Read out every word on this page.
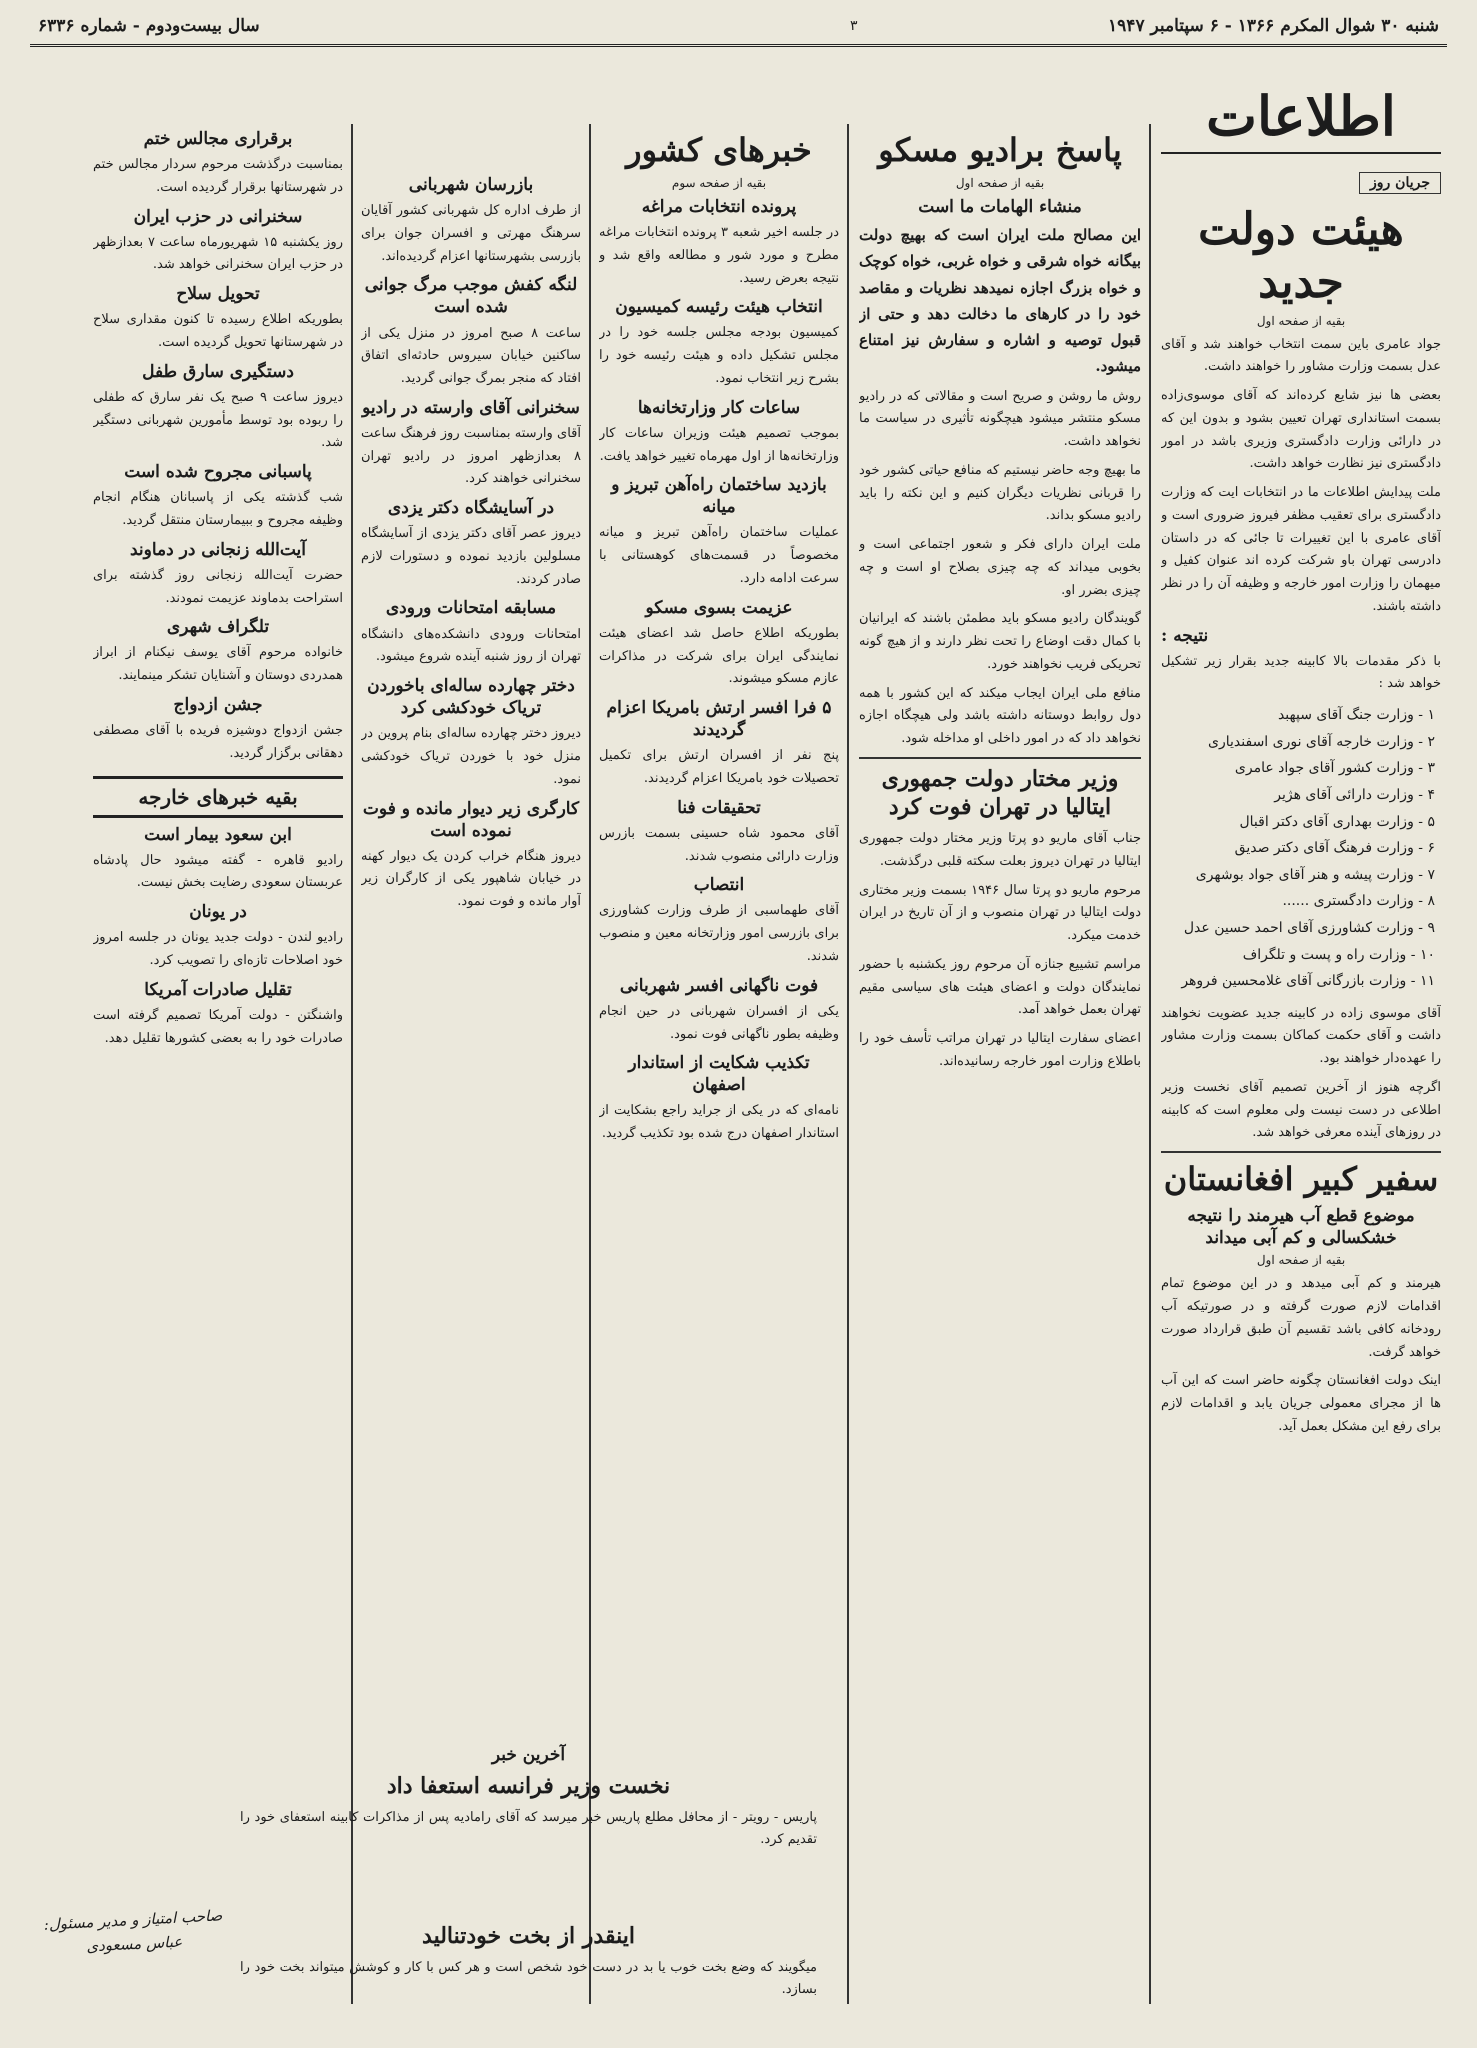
شنبه ۳۰ شوال المکرم ۱۳۶۶ - ۶ سپتامبر ۱۹۴۷
سال بیست‌ودوم - شماره ۶۳۳۶	۳
اطلاعات
جریان روز
هیئت دولت جدید
بقیه از صفحه اول

جواد عامری باین سمت انتخاب خواهند شد و آقای عدل بسمت وزارت مشاور را خواهند داشت.

بعضی ها نیز شایع کرده‌اند که آقای موسوی‌زاده بسمت استانداری تهران تعیین بشود و بدون این که در دارائی وزارت دادگستری وزیری باشد در امور دادگستری نیز نظارت خواهد داشت.

ملت پیدایش اطلاعات ما در انتخابات ایت که وزارت دادگستری برای تعقیب مظفر فیروز ضروری است و آقای عامری با این تغییرات تا جائی که در داستان دادرسی تهران باو شرکت کرده اند عنوان کفیل و میهمان را وزارت امور خارجه و وظیفه آن را در نظر داشته باشند.

نتیجه :

با ذکر مقدمات بالا کابینه جدید بقرار زیر تشکیل خواهد شد :

۱ - وزارت جنگ آقای سپهبد
۲ - وزارت خارجه آقای نوری اسفندیاری
۳ - وزارت کشور آقای جواد عامری
۴ - وزارت دارائی آقای هژیر
۵ - وزارت بهداری آقای دکتر اقبال
۶ - وزارت فرهنگ آقای دکتر صدیق
۷ - وزارت پیشه و هنر آقای جواد بوشهری
۸ - وزارت دادگستری ......
۹ - وزارت کشاورزی آقای احمد حسین عدل
۱۰ - وزارت راه و پست و تلگراف
۱۱ - وزارت بازرگانی آقای غلامحسین فروهر

آقای موسوی زاده در کابینه جدید عضویت نخواهند داشت و آقای حکمت کماکان بسمت وزارت مشاور را عهده‌دار خواهند بود.

اگرچه هنوز از آخرین تصمیم آقای نخست وزیر اطلاعی در دست نیست ولی معلوم است که کابینه در روزهای آینده معرفی خواهد شد.

سفیر کبیر افغانستان
موضوع قطع آب هیرمند را نتیجه خشکسالی و کم آبی میداند
بقیه از صفحه اول

هیرمند و کم آبی میدهد و در این موضوع تمام اقدامات لازم صورت گرفته و در صورتیکه آب رودخانه کافی باشد تقسیم آن طبق قرارداد صورت خواهد گرفت.

اینک دولت افغانستان چگونه حاضر است که این آب ها از مجرای معمولی جریان یابد و اقدامات لازم برای رفع این مشکل بعمل آید.

پاسخ برادیو مسکو
بقیه از صفحه اول
منشاء الهامات ما است

این مصالح ملت ایران است که بهیچ دولت بیگانه خواه شرقی و خواه غربی، خواه کوچک و خواه بزرگ اجازه نمیدهد نظریات و مقاصد خود را در کارهای ما دخالت دهد و حتی از قبول توصیه و اشاره و سفارش نیز امتناع میشود.

روش ما روشن و صریح است و مقالاتی که در رادیو مسکو منتشر میشود هیچگونه تأثیری در سیاست ما نخواهد داشت.

ما بهیچ وجه حاضر نیستیم که منافع حیاتی کشور خود را قربانی نظریات دیگران کنیم و این نکته را باید رادیو مسکو بداند.

ملت ایران دارای فکر و شعور اجتماعی است و بخوبی میداند که چه چیزی بصلاح او است و چه چیزی بضرر او.

گویندگان رادیو مسکو باید مطمئن باشند که ایرانیان با کمال دقت اوضاع را تحت نظر دارند و از هیچ گونه تحریکی فریب نخواهند خورد.

منافع ملی ایران ایجاب میکند که این کشور با همه دول روابط دوستانه داشته باشد ولی هیچگاه اجازه نخواهد داد که در امور داخلی او مداخله شود.

وزیر مختار دولت جمهوری ایتالیا در تهران فوت کرد

جناب آقای ماریو دو پرتا وزیر مختار دولت جمهوری ایتالیا در تهران دیروز بعلت سکته قلبی درگذشت.

مرحوم ماریو دو پرتا سال ۱۹۴۶ بسمت وزیر مختاری دولت ایتالیا در تهران منصوب و از آن تاریخ در ایران خدمت میکرد.

مراسم تشییع جنازه آن مرحوم روز یکشنبه با حضور نمایندگان دولت و اعضای هیئت های سیاسی مقیم تهران بعمل خواهد آمد.

اعضای سفارت ایتالیا در تهران مراتب تأسف خود را باطلاع وزارت امور خارجه رسانیده‌اند.

خبرهای کشور
بقیه از صفحه سوم
پرونده انتخابات مراغه

در جلسه اخیر شعبه ۳ پرونده انتخابات مراغه مطرح و مورد شور و مطالعه واقع شد و نتیجه بعرض رسید.

انتخاب هیئت رئیسه کمیسیون

کمیسیون بودجه مجلس جلسه خود را در مجلس تشکیل داده و هیئت رئیسه خود را بشرح زیر انتخاب نمود.

ساعات کار وزارتخانه‌ها

بموجب تصمیم هیئت وزیران ساعات کار وزارتخانه‌ها از اول مهرماه تغییر خواهد یافت.

بازدید ساختمان راه‌آهن تبریز و میانه

عملیات ساختمان راه‌آهن تبریز و میانه مخصوصاً در قسمت‌های کوهستانی با سرعت ادامه دارد.

عزیمت بسوی مسکو

بطوریکه اطلاع حاصل شد اعضای هیئت نمایندگی ایران برای شرکت در مذاکرات عازم مسکو میشوند.

۵ فرا افسر ارتش بامریکا اعزام گردیدند

پنج نفر از افسران ارتش برای تکمیل تحصیلات خود بامریکا اعزام گردیدند.

تحقیقات فنا

آقای محمود شاه حسینی بسمت بازرس وزارت دارائی منصوب شدند.

انتصاب

آقای طهماسبی از طرف وزارت کشاورزی برای بازرسی امور وزارتخانه معین و منصوب شدند.

فوت ناگهانی افسر شهربانی

یکی از افسران شهربانی در حین انجام وظیفه بطور ناگهانی فوت نمود.

تکذیب شکایت از استاندار اصفهان

نامه‌ای که در یکی از جراید راجع بشکایت از استاندار اصفهان درج شده بود تکذیب گردید.

بازرسان شهربانی

از طرف اداره کل شهربانی کشور آقایان سرهنگ مهرتی و افسران جوان برای بازرسی بشهرستانها اعزام گردیده‌اند.

لنگه کفش موجب مرگ جوانی شده است

ساعت ۸ صبح امروز در منزل یکی از ساکنین خیابان سیروس حادثه‌ای اتفاق افتاد که منجر بمرگ جوانی گردید.

سخنرانی آقای وارسته در رادیو

آقای وارسته بمناسبت روز فرهنگ ساعت ۸ بعدازظهر امروز در رادیو تهران سخنرانی خواهند کرد.

در آسایشگاه دکتر یزدی

دیروز عصر آقای دکتر یزدی از آسایشگاه مسلولین بازدید نموده و دستورات لازم صادر کردند.

مسابقه امتحانات ورودی

امتحانات ورودی دانشکده‌های دانشگاه تهران از روز شنبه آینده شروع میشود.

دختر چهارده ساله‌ای باخوردن تریاک خودکشی کرد

دیروز دختر چهارده ساله‌ای بنام پروین در منزل خود با خوردن تریاک خودکشی نمود.

کارگری زیر دیوار مانده و فوت نموده است

دیروز هنگام خراب کردن یک دیوار کهنه در خیابان شاهپور یکی از کارگران زیر آوار مانده و فوت نمود.

برقراری مجالس ختم

بمناسبت درگذشت مرحوم سردار مجالس ختم در شهرستانها برقرار گردیده است.

سخنرانی در حزب ایران

روز یکشنبه ۱۵ شهریورماه ساعت ۷ بعدازظهر در حزب ایران سخنرانی خواهد شد.

تحویل سلاح

بطوریکه اطلاع رسیده تا کنون مقداری سلاح در شهرستانها تحویل گردیده است.

دستگیری سارق طفل

دیروز ساعت ۹ صبح یک نفر سارق که طفلی را ربوده بود توسط مأمورین شهربانی دستگیر شد.

پاسبانی مجروح شده است

شب گذشته یکی از پاسبانان هنگام انجام وظیفه مجروح و ببیمارستان منتقل گردید.

آیت‌الله زنجانی در دماوند

حضرت آیت‌الله زنجانی روز گذشته برای استراحت بدماوند عزیمت نمودند.

تلگراف شهری

خانواده مرحوم آقای یوسف نیکنام از ابراز همدردی دوستان و آشنایان تشکر مینمایند.

جشن ازدواج

جشن ازدواج دوشیزه فریده با آقای مصطفی دهقانی برگزار گردید.

بقیه خبرهای خارجه
ابن سعود بیمار است

رادیو قاهره - گفته میشود حال پادشاه عربستان سعودی رضایت بخش نیست.

در یونان

رادیو لندن - دولت جدید یونان در جلسه امروز خود اصلاحات تازه‌ای را تصویب کرد.

تقلیل صادرات آمریکا

واشنگتن - دولت آمریکا تصمیم گرفته است صادرات خود را به بعضی کشورها تقلیل دهد.

آخرین خبر
نخست وزیر فرانسه استعفا داد

پاریس - رویتر - از محافل مطلع پاریس خبر میرسد که آقای رامادیه پس از مذاکرات کابینه استعفای خود را تقدیم کرد.

اینقدر از بخت خودتنالید

میگویند که وضع بخت خوب یا بد در دست خود شخص است و هر کس با کار و کوشش میتواند بخت خود را بسازد.

صاحب امتیاز و مدیر مسئول: عباس مسعودی
